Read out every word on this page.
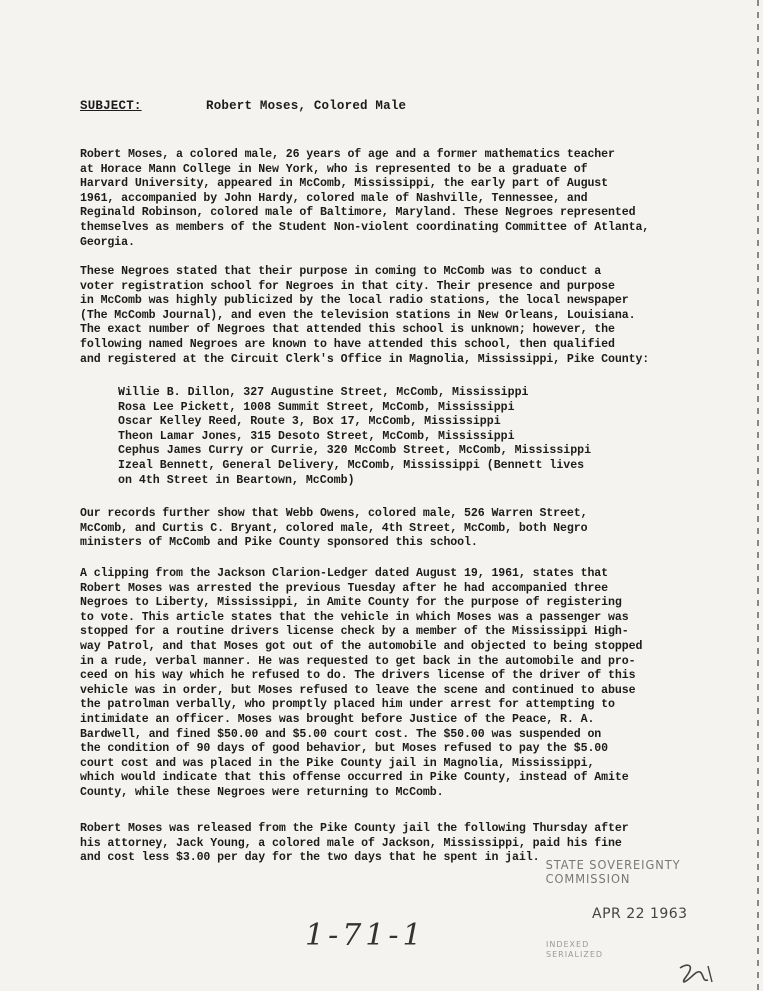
SUBJECT:	Robert Moses, Colored Male
Robert Moses, a colored male, 26 years of age and a former mathematics teacher
at Horace Mann College in New York, who is represented to be a graduate of
Harvard University, appeared in McComb, Mississippi, the early part of August
1961, accompanied by John Hardy, colored male of Nashville, Tennessee, and
Reginald Robinson, colored male of Baltimore, Maryland. These Negroes represented
themselves as members of the Student Non-violent coordinating Committee of Atlanta,
Georgia.
These Negroes stated that their purpose in coming to McComb was to conduct a
voter registration school for Negroes in that city. Their presence and purpose
in McComb was highly publicized by the local radio stations, the local newspaper
(The McComb Journal), and even the television stations in New Orleans, Louisiana.
The exact number of Negroes that attended this school is unknown; however, the
following named Negroes are known to have attended this school, then qualified
and registered at the Circuit Clerk's Office in Magnolia, Mississippi, Pike County:
Willie B. Dillon, 327 Augustine Street, McComb, Mississippi
Rosa Lee Pickett, 1008 Summit Street, McComb, Mississippi
Oscar Kelley Reed, Route 3, Box 17, McComb, Mississippi
Theon Lamar Jones, 315 Desoto Street, McComb, Mississippi
Cephus James Curry or Currie, 320 McComb Street, McComb, Mississippi
Izeal Bennett, General Delivery, McComb, Mississippi (Bennett lives
on 4th Street in Beartown, McComb)
Our records further show that Webb Owens, colored male, 526 Warren Street,
McComb, and Curtis C. Bryant, colored male, 4th Street, McComb, both Negro
ministers of McComb and Pike County sponsored this school.
A clipping from the Jackson Clarion-Ledger dated August 19, 1961, states that
Robert Moses was arrested the previous Tuesday after he had accompanied three
Negroes to Liberty, Mississippi, in Amite County for the purpose of registering
to vote. This article states that the vehicle in which Moses was a passenger was
stopped for a routine drivers license check by a member of the Mississippi High-
way Patrol, and that Moses got out of the automobile and objected to being stopped
in a rude, verbal manner. He was requested to get back in the automobile and pro-
ceed on his way which he refused to do. The drivers license of the driver of this
vehicle was in order, but Moses refused to leave the scene and continued to abuse
the patrolman verbally, who promptly placed him under arrest for attempting to
intimidate an officer. Moses was brought before Justice of the Peace, R. A.
Bardwell, and fined $50.00 and $5.00 court cost. The $50.00 was suspended on
the condition of 90 days of good behavior, but Moses refused to pay the $5.00
court cost and was placed in the Pike County jail in Magnolia, Mississippi,
which would indicate that this offense occurred in Pike County, instead of Amite
County, while these Negroes were returning to McComb.
Robert Moses was released from the Pike County jail the following Thursday after
his attorney, Jack Young, a colored male of Jackson, Mississippi, paid his fine
and cost less $3.00 per day for the two days that he spent in jail.
1-71-1
STATE SOVEREIGNTY COMMISSION
APR 22 1963
INDEXED
SERIALIZED
